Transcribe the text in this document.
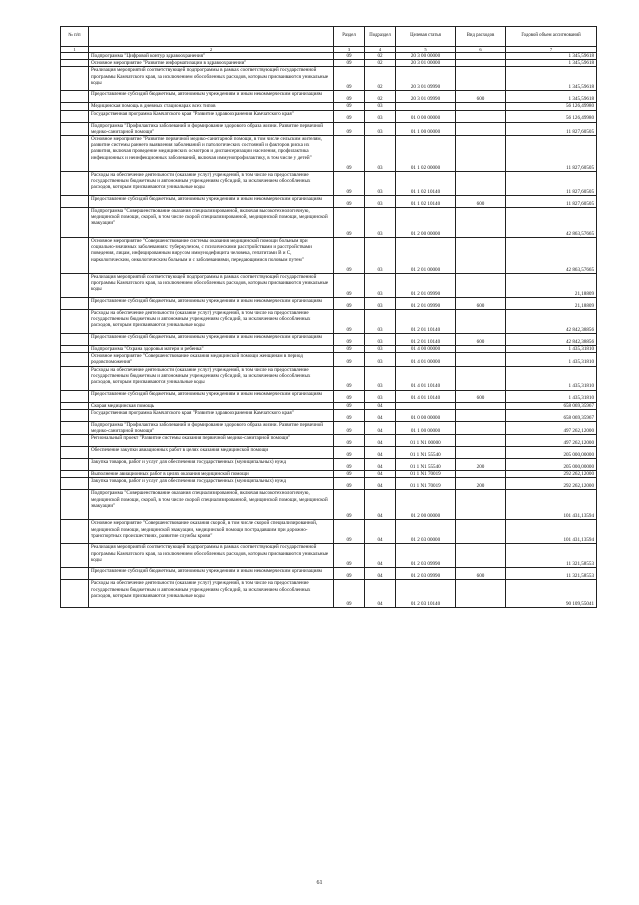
№ п/п		Раздел	Подраздел	Целевая статья	Вид расходов	Годовой объем ассигнований
1	2	3	4	5	6	7
	Подпрограмма "Цифровой контур здравоохранения"	09	02	20 3 00 00000		1 345,59618
	Основное мероприятие "Развитие информатизации в здравоохранении"	09	02	20 3 01 00000		1 345,59618
	Реализация мероприятий соответствующей подпрограммы в рамках соответствующей государственной программы Камчатского края, за исключением обособленных расходов, которым присваиваются уникальные коды	09	02	20 3 01 09990		1 345,59618
	Предоставление субсидий бюджетным, автономным учреждениям и иным некоммерческим организациям	09	02	20 3 01 09990	600	1 345,59618
	Медицинская помощь в дневных стационарах всех типов	09	03			56 126,49980
	Государственная программа Камчатского края "Развитие здравоохранения Камчатского края"	09	03	01 0 00 00000		56 126,49980
	Подпрограмма "Профилактика заболеваний и формирование здорового образа жизни. Развитие первичной медико-санитарной помощи"	09	03	01 1 00 00000		11 827,60505
	Основное мероприятие "Развитие первичной медико-санитарной помощи, в том числе сельским жителям, развитие системы раннего выявления заболеваний и патологических состояний и факторов риска их развития, включая проведение медицинских осмотров и диспансеризации населения, профилактика инфекционных и неинфекционных заболеваний, включая иммунопрофилактику, в том числе у детей"	09	03	01 1 02 00000		11 827,60505
	Расходы на обеспечение деятельности (оказание услуг) учреждений, в том числе на предоставление государственным бюджетным и автономным учреждениям субсидий, за исключением обособленных расходов, которым присваиваются уникальные коды	09	03	01 1 02 10140		11 827,60505
	Предоставление субсидий бюджетным, автономным учреждениям и иным некоммерческим организациям	09	03	01 1 02 10140	600	11 827,60505
	Подпрограмма "Совершенствование оказания специализированной, включая высокотехнологичную, медицинской помощи, скорой, в том числе скорой специализированной, медицинской помощи, медицинской эвакуации"	09	03	01 2 00 00000		42 863,57665
	Основное мероприятие "Совершенствование системы оказания медицинской помощи больным при социально-значимых заболеваниях: туберкулезом, с психическими расстройствами и расстройствами поведения, лицам, инфицированным вирусом иммунодефицита человека, гепатитами В и С, наркологическим, онкологическим больным и с заболеваниями, передающимися половым путем"	09	03	01 2 01 00000		42 863,57665
	Реализация мероприятий соответствующей подпрограммы в рамках соответствующей государственной программы Камчатского края, за исключением обособленных расходов, которым присваиваются уникальные коды	09	03	01 2 01 09990		21,18809
	Предоставление субсидий бюджетным, автономным учреждениям и иным некоммерческим организациям	09	03	01 2 01 09990	600	21,18809
	Расходы на обеспечение деятельности (оказание услуг) учреждений, в том числе на предоставление государственным бюджетным и автономным учреждениям субсидий, за исключением обособленных расходов, которым присваиваются уникальные коды	09	03	01 2 01 10140		42 842,38856
	Предоставление субсидий бюджетным, автономным учреждениям и иным некоммерческим организациям	09	03	01 2 01 10140	600	42 842,38856
	Подпрограмма "Охрана здоровья матери и ребенка"	09	03	01 4 00 00000		1 435,31810
	Основное мероприятие "Совершенствование оказания медицинской помощи женщинам в период родовспоможения"	09	03	01 4 01 00000		1 435,31810
	Расходы на обеспечение деятельности (оказание услуг) учреждений, в том числе на предоставление государственным бюджетным и автономным учреждениям субсидий, за исключением обособленных расходов, которым присваиваются уникальные коды	09	03	01 4 01 10140		1 435,31810
	Предоставление субсидий бюджетным, автономным учреждениям и иным некоммерческим организациям	09	03	01 4 01 10140	600	1 435,31810
	Скорая медицинская помощь	09	04			658 069,35967
	Государственная программа Камчатского края "Развитие здравоохранения Камчатского края"	09	04	01 0 00 00000		658 069,35967
	Подпрограмма "Профилактика заболеваний и формирование здорового образа жизни. Развитие первичной медико-санитарной помощи"	09	04	01 1 00 00000		497 262,12000
	Региональный проект "Развитие системы оказания первичной медико-санитарной помощи"	09	04	01 1 N1 00000		497 262,12000
	Обеспечение закупки авиационных работ в целях оказания медицинской помощи	09	04	01 1 N1 55540		205 000,00000
	Закупка товаров, работ и услуг для обеспечения государственных (муниципальных) нужд	09	04	01 1 N1 55540	200	205 000,00000
	Выполнение авиационных работ в целях оказания медицинской помощи	09	04	01 1 N1 70019		292 262,12000
	Закупка товаров, работ и услуг для обеспечения государственных (муниципальных) нужд	09	04	01 1 N1 70019	200	292 262,12000
	Подпрограмма "Совершенствование оказания специализированной, включая высокотехнологичную, медицинской помощи, скорой, в том числе скорой специализированной, медицинской помощи, медицинской эвакуации"	09	04	01 2 00 00000		101 431,13594
	Основное мероприятие "Совершенствование оказания скорой, в том числе скорой специализированной, медицинской помощи, медицинской эвакуации, медицинской помощи пострадавшим при дорожно-транспортных происшествиях, развитие службы крови"	09	04	01 2 03 00000		101 431,13594
	Реализация мероприятий соответствующей подпрограммы в рамках соответствующей государственной программы Камчатского края, за исключением обособленных расходов, которым присваиваются уникальные коды	09	04	01 2 03 09990		11 321,58553
	Предоставление субсидий бюджетным, автономным учреждениям и иным некоммерческим организациям	09	04	01 2 03 09990	600	11 321,58553
	Расходы на обеспечение деятельности (оказание услуг) учреждений, в том числе на предоставление государственным бюджетным и автономным учреждениям субсидий, за исключением обособленных расходов, которым присваиваются уникальные коды	09	04	01 2 03 10140		90 109,55041
61
